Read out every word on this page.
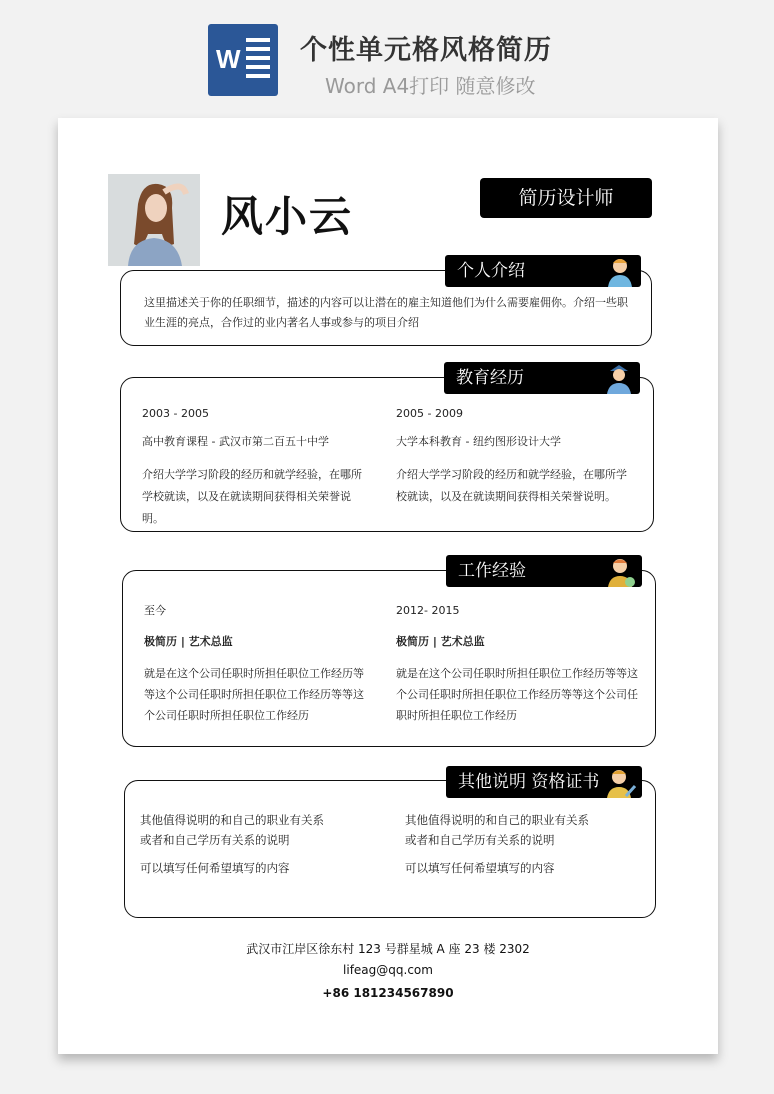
W 个性单元格风格简历
Word A4打印 随意修改
风小云	简历设计师
个人介绍
这里描述关于你的任职细节，描述的内容可以让潜在的雇主知道他们为什么需要雇佣你。介绍一些职业生涯的亮点，合作过的业内著名人事或参与的项目介绍
教育经历
2003 - 2005
高中教育课程 - 武汉市第二百五十中学
介绍大学学习阶段的经历和就学经验，在哪所学校就读，以及在就读期间获得相关荣誉说明。
2005 - 2009
大学本科教育 - 纽约图形设计大学
介绍大学学习阶段的经历和就学经验，在哪所学校就读，以及在就读期间获得相关荣誉说明。
工作经验
至今
极简历 | 艺术总监
就是在这个公司任职时所担任职位工作经历等等这个公司任职时所担任职位工作经历等等这个公司任职时所担任职位工作经历
2012- 2015
极简历 | 艺术总监
就是在这个公司任职时所担任职位工作经历等等这个公司任职时所担任职位工作经历等等这个公司任职时所担任职位工作经历
其他说明 资格证书
其他值得说明的和自己的职业有关系或者和自己学历有关系的说明
可以填写任何希望填写的内容
其他值得说明的和自己的职业有关系或者和自己学历有关系的说明
可以填写任何希望填写的内容
武汉市江岸区徐东村 123 号群星城 A 座 23 楼 2302
lifeag@qq.com
+86 181234567890
